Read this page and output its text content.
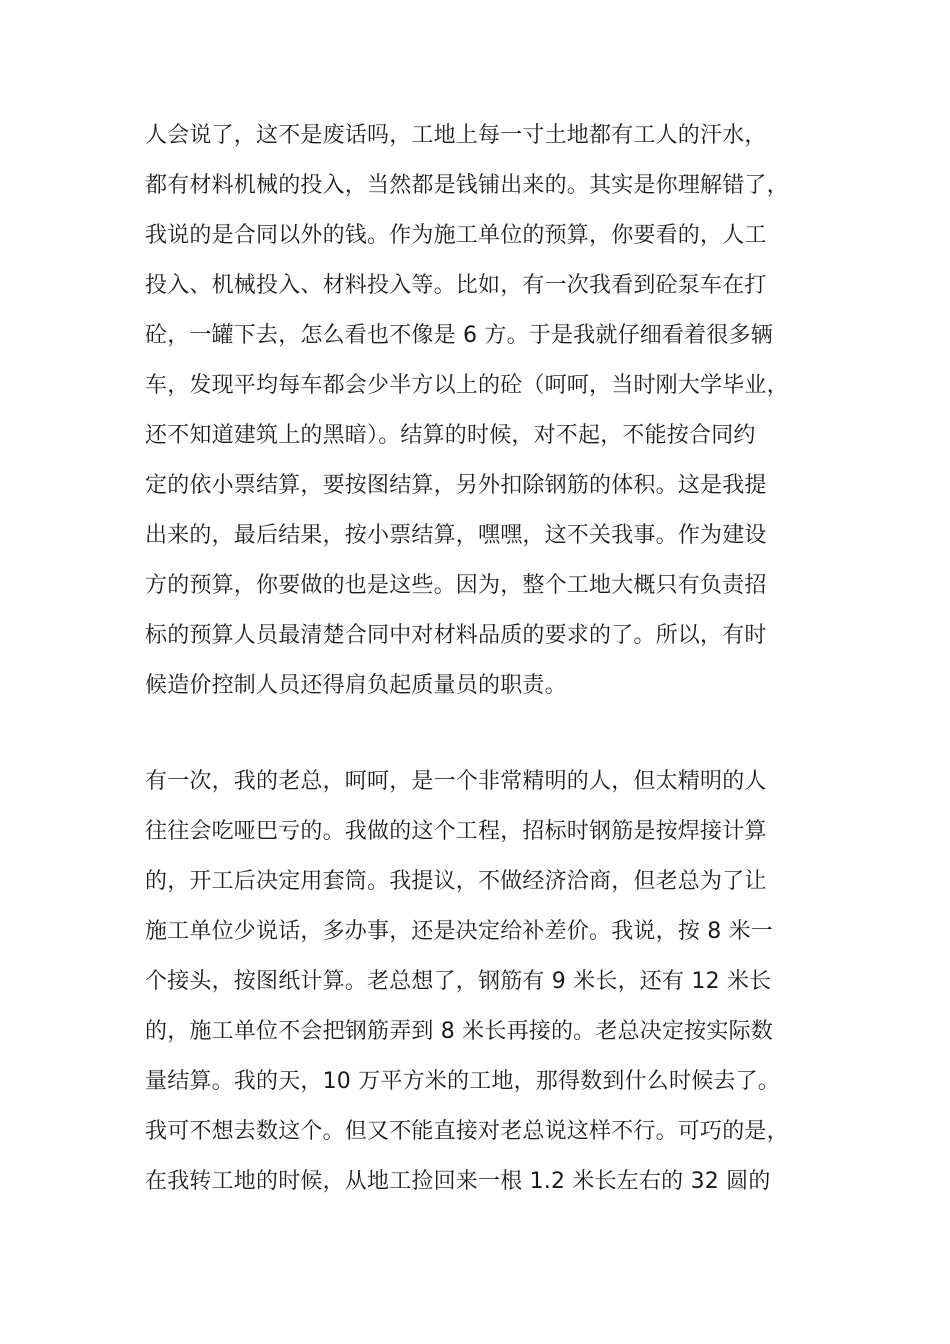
人会说了，这不是废话吗，工地上每一寸土地都有工人的汗水，
都有材料机械的投入，当然都是钱铺出来的。其实是你理解错了，
我说的是合同以外的钱。作为施工单位的预算，你要看的，人工
投入、机械投入、材料投入等。比如，有一次我看到砼泵车在打
砼，一罐下去，怎么看也不像是 6 方。于是我就仔细看着很多辆
车，发现平均每车都会少半方以上的砼（呵呵，当时刚大学毕业，
还不知道建筑上的黑暗）。结算的时候，对不起，不能按合同约
定的依小票结算，要按图结算，另外扣除钢筋的体积。这是我提
出来的，最后结果，按小票结算，嘿嘿，这不关我事。作为建设
方的预算，你要做的也是这些。因为，整个工地大概只有负责招
标的预算人员最清楚合同中对材料品质的要求的了。所以，有时
候造价控制人员还得肩负起质量员的职责。
有一次，我的老总，呵呵，是一个非常精明的人，但太精明的人
往往会吃哑巴亏的。我做的这个工程，招标时钢筋是按焊接计算
的，开工后决定用套筒。我提议，不做经济洽商，但老总为了让
施工单位少说话，多办事，还是决定给补差价。我说，按 8 米一
个接头，按图纸计算。老总想了，钢筋有 9 米长，还有 12 米长
的，施工单位不会把钢筋弄到 8 米长再接的。老总决定按实际数
量结算。我的天，10 万平方米的工地，那得数到什么时候去了。
我可不想去数这个。但又不能直接对老总说这样不行。可巧的是，
在我转工地的时候，从地工捡回来一根 1.2 米长左右的 32 圆的
